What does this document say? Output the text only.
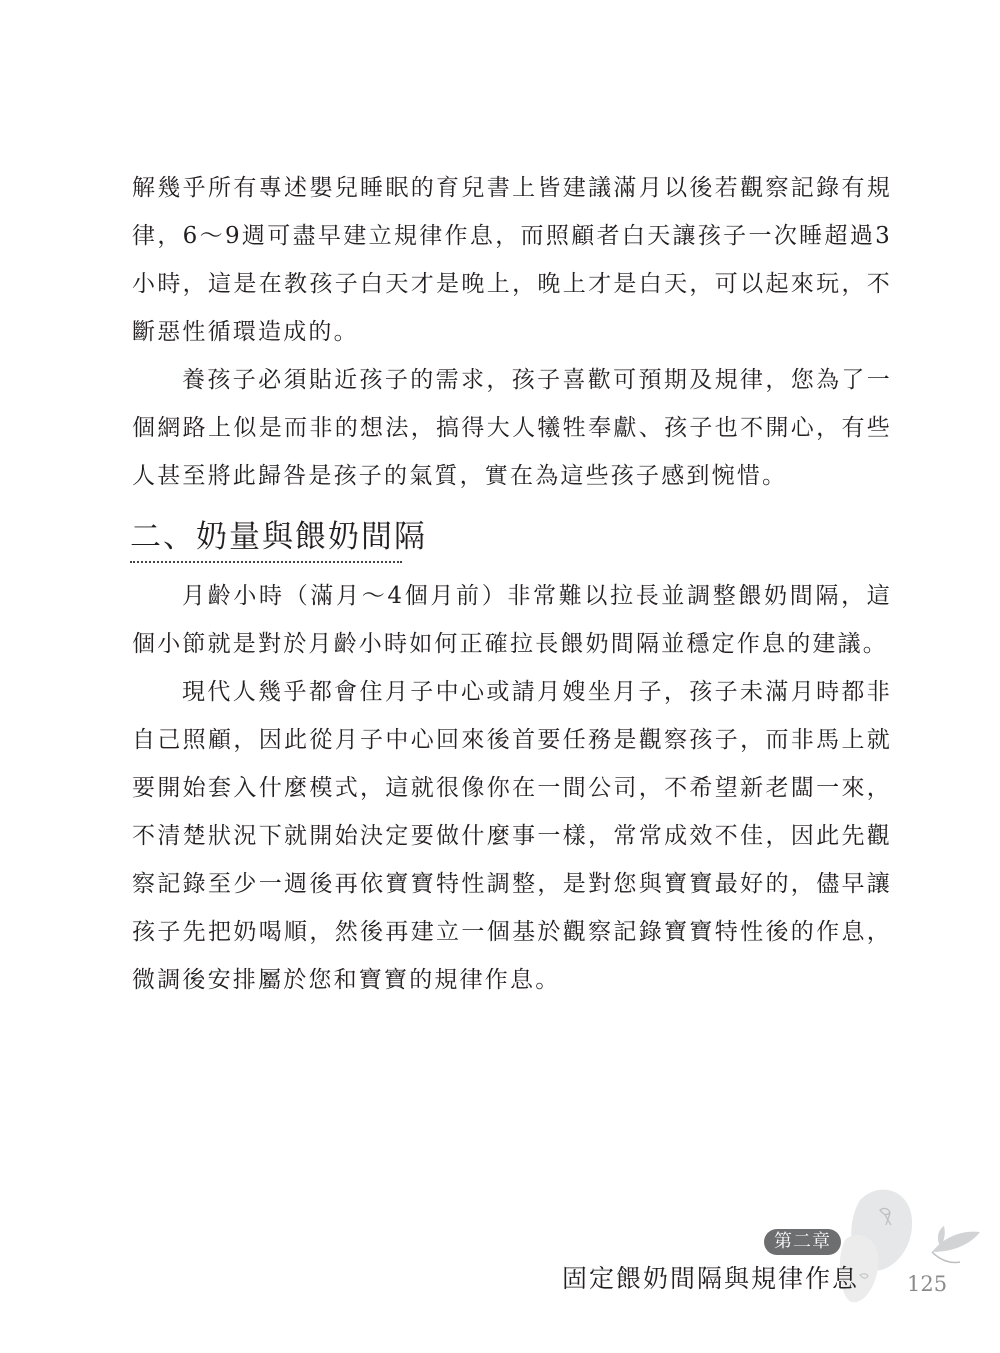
解幾乎所有專述嬰兒睡眠的育兒書上皆建議滿月以後若觀察記錄有規律，6～9週可盡早建立規律作息，而照顧者白天讓孩子一次睡超過3小時，這是在教孩子白天才是晚上，晚上才是白天，可以起來玩，不斷惡性循環造成的。

養孩子必須貼近孩子的需求，孩子喜歡可預期及規律，您為了一個網路上似是而非的想法，搞得大人犧牲奉獻、孩子也不開心，有些人甚至將此歸咎是孩子的氣質，實在為這些孩子感到惋惜。

二、奶量與餵奶間隔

月齡小時（滿月～4個月前）非常難以拉長並調整餵奶間隔，這個小節就是對於月齡小時如何正確拉長餵奶間隔並穩定作息的建議。

現代人幾乎都會住月子中心或請月嫂坐月子，孩子未滿月時都非自己照顧，因此從月子中心回來後首要任務是觀察孩子，而非馬上就要開始套入什麼模式，這就很像你在一間公司，不希望新老闆一來，不清楚狀況下就開始決定要做什麼事一樣，常常成效不佳，因此先觀察記錄至少一週後再依寶寶特性調整，是對您與寶寶最好的，儘早讓孩子先把奶喝順，然後再建立一個基於觀察記錄寶寶特性後的作息，微調後安排屬於您和寶寶的規律作息。

第二章
固定餵奶間隔與規律作息 125
